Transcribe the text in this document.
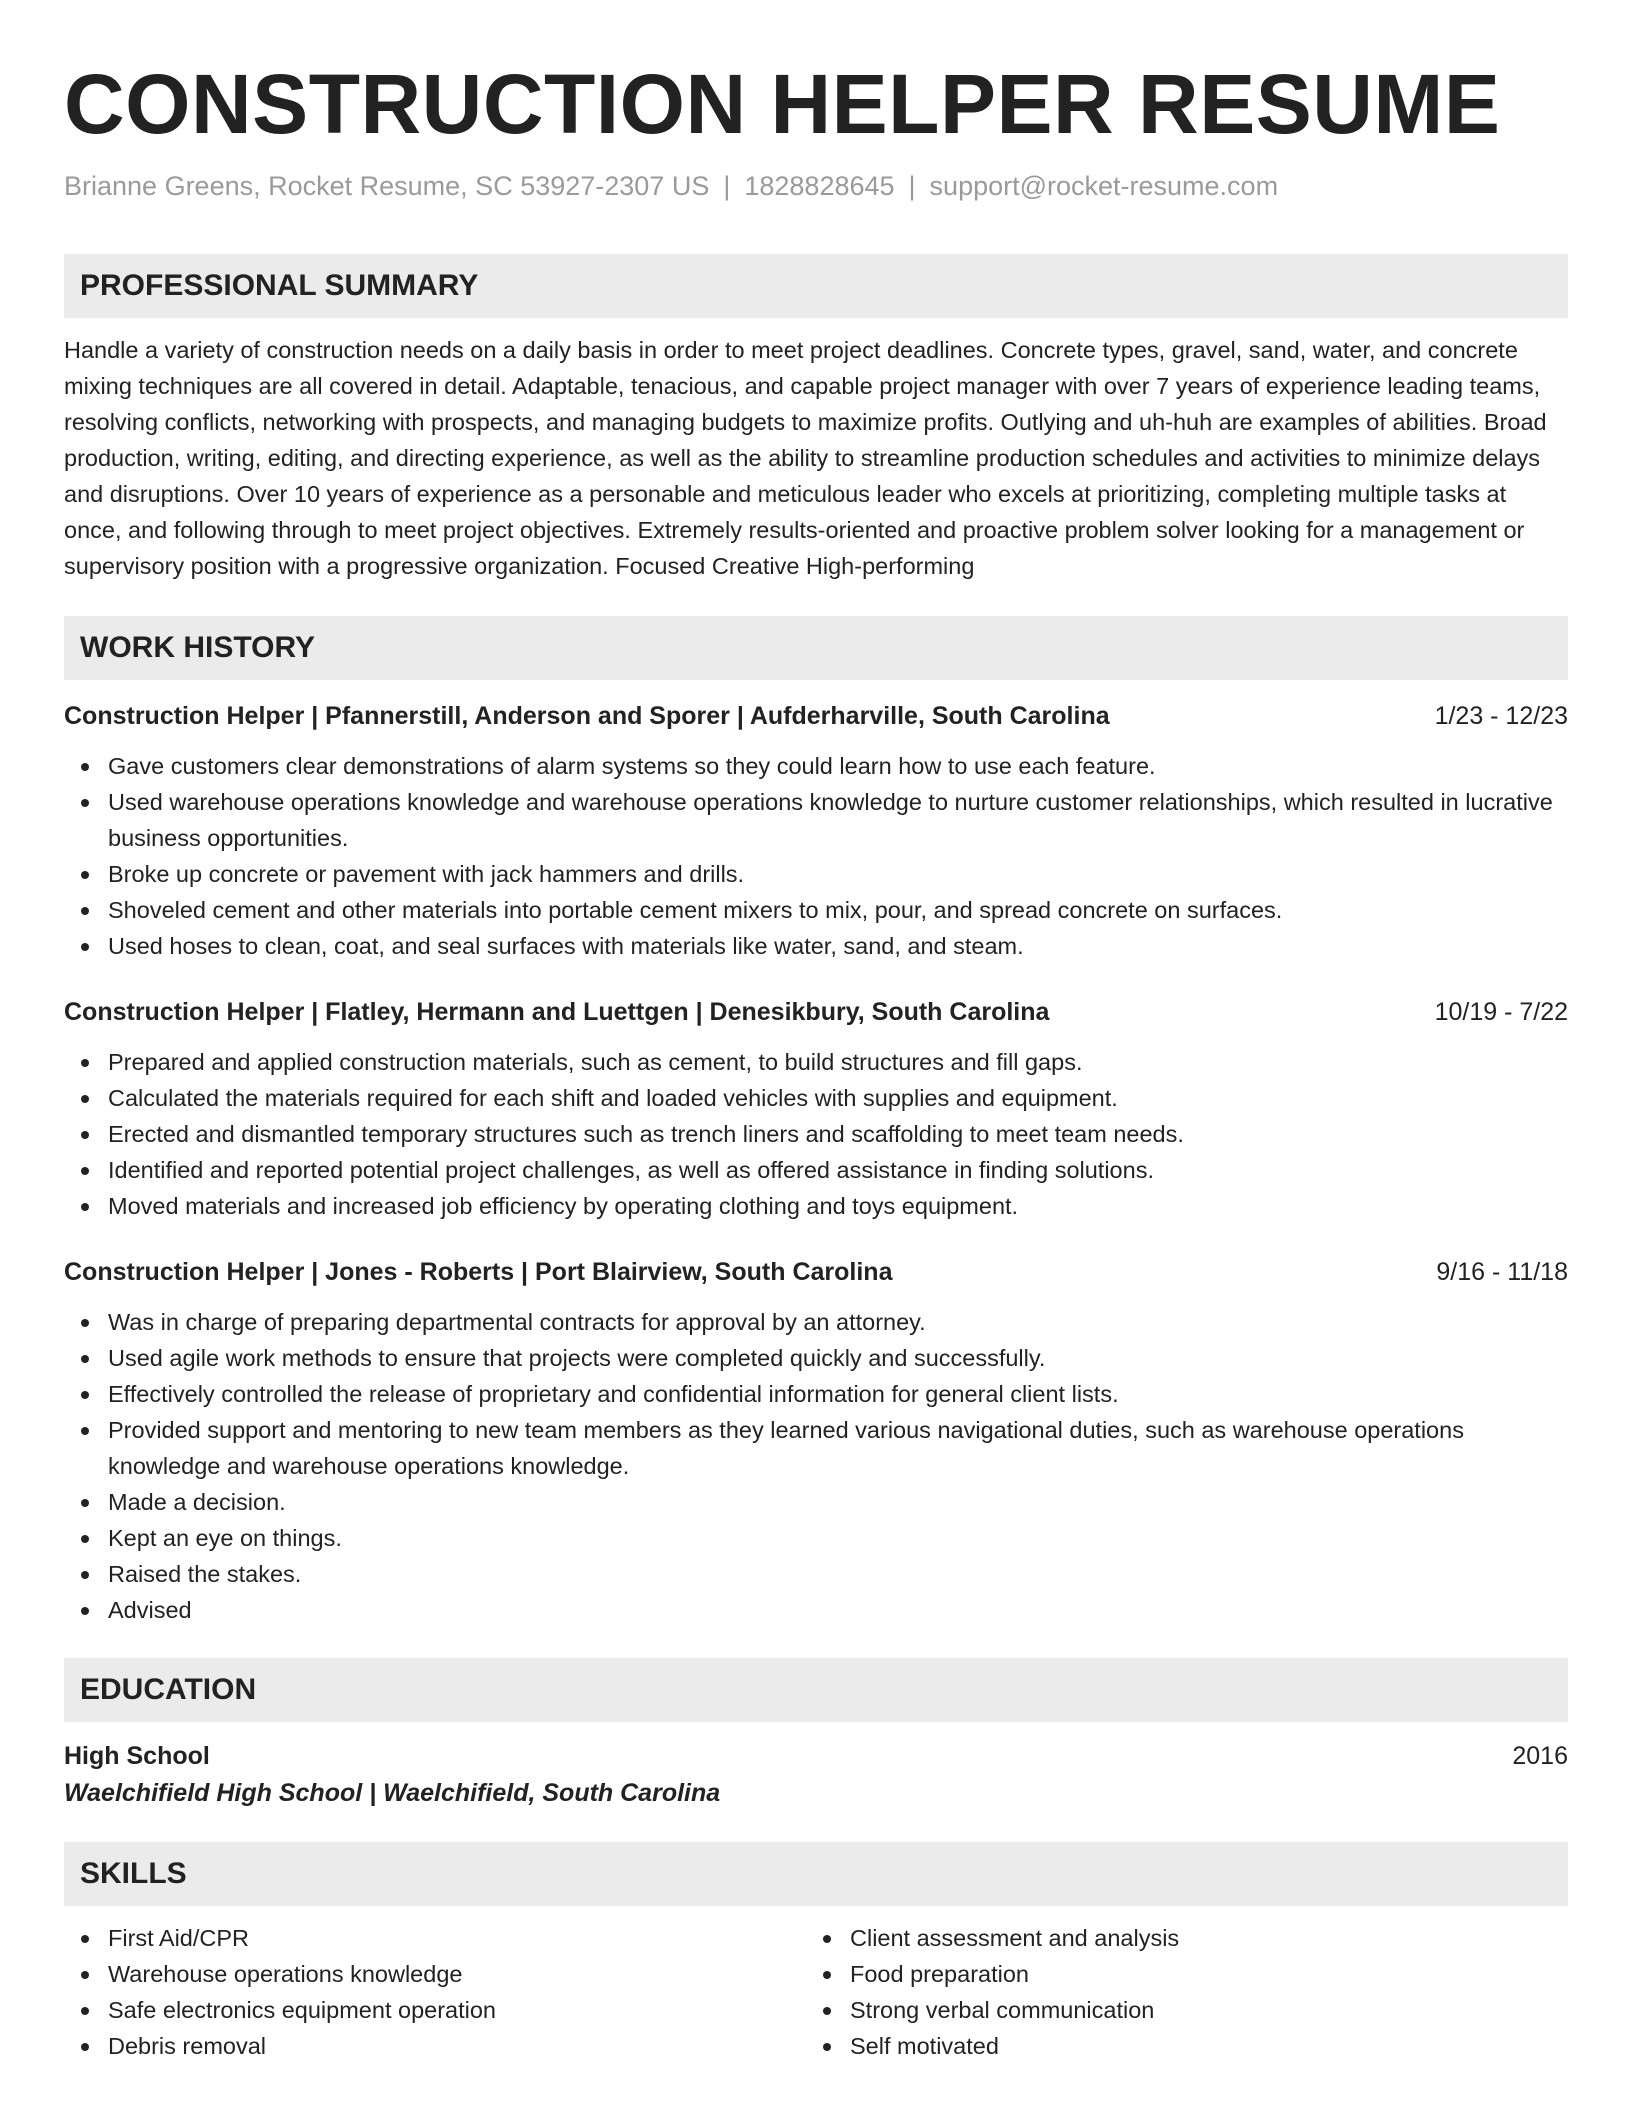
CONSTRUCTION HELPER RESUME
Brianne Greens, Rocket Resume, SC 53927-2307 US | 1828828645 | support@rocket-resume.com
PROFESSIONAL SUMMARY
Handle a variety of construction needs on a daily basis in order to meet project deadlines. Concrete types, gravel, sand, water, and concrete mixing techniques are all covered in detail. Adaptable, tenacious, and capable project manager with over 7 years of experience leading teams, resolving conflicts, networking with prospects, and managing budgets to maximize profits. Outlying and uh-huh are examples of abilities. Broad production, writing, editing, and directing experience, as well as the ability to streamline production schedules and activities to minimize delays and disruptions. Over 10 years of experience as a personable and meticulous leader who excels at prioritizing, completing multiple tasks at once, and following through to meet project objectives. Extremely results-oriented and proactive problem solver looking for a management or supervisory position with a progressive organization. Focused Creative High-performing
WORK HISTORY
Construction Helper | Pfannerstill, Anderson and Sporer | Aufderharville, South Carolina	1/23 - 12/23
Gave customers clear demonstrations of alarm systems so they could learn how to use each feature.
Used warehouse operations knowledge and warehouse operations knowledge to nurture customer relationships, which resulted in lucrative business opportunities.
Broke up concrete or pavement with jack hammers and drills.
Shoveled cement and other materials into portable cement mixers to mix, pour, and spread concrete on surfaces.
Used hoses to clean, coat, and seal surfaces with materials like water, sand, and steam.
Construction Helper | Flatley, Hermann and Luettgen | Denesikbury, South Carolina	10/19 - 7/22
Prepared and applied construction materials, such as cement, to build structures and fill gaps.
Calculated the materials required for each shift and loaded vehicles with supplies and equipment.
Erected and dismantled temporary structures such as trench liners and scaffolding to meet team needs.
Identified and reported potential project challenges, as well as offered assistance in finding solutions.
Moved materials and increased job efficiency by operating clothing and toys equipment.
Construction Helper | Jones - Roberts | Port Blairview, South Carolina	9/16 - 11/18
Was in charge of preparing departmental contracts for approval by an attorney.
Used agile work methods to ensure that projects were completed quickly and successfully.
Effectively controlled the release of proprietary and confidential information for general client lists.
Provided support and mentoring to new team members as they learned various navigational duties, such as warehouse operations knowledge and warehouse operations knowledge.
Made a decision.
Kept an eye on things.
Raised the stakes.
Advised
EDUCATION
High School	2016
Waelchifield High School | Waelchifield, South Carolina
SKILLS
First Aid/CPR
Warehouse operations knowledge
Safe electronics equipment operation
Debris removal
Client assessment and analysis
Food preparation
Strong verbal communication
Self motivated
